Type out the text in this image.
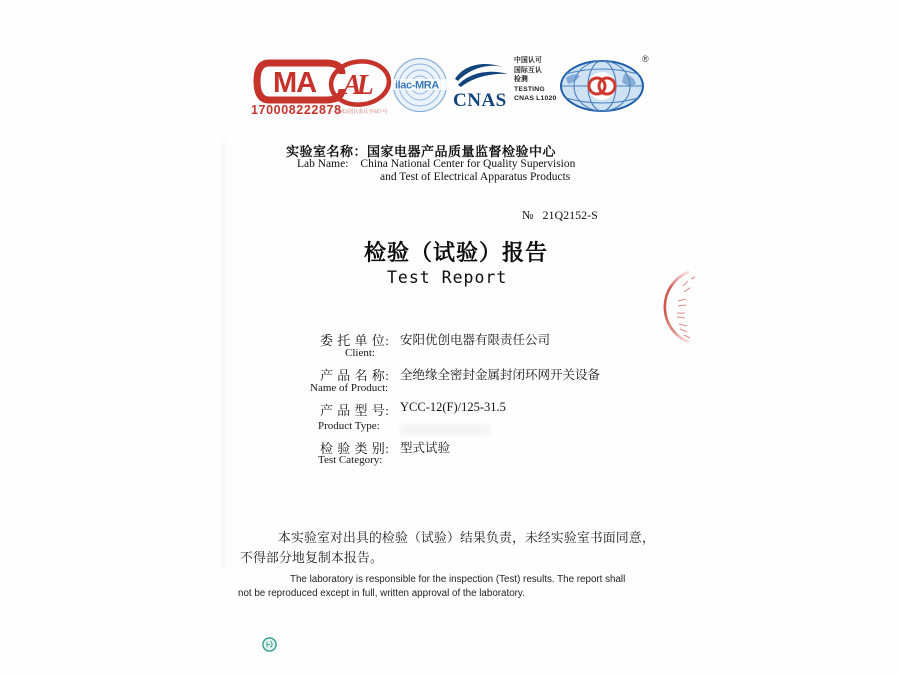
MA
170008222878
(2002)国认监认字047-号
AL	ilac-MRA
CNAS
中国认可
国际互认
检测
TESTING
CNAS L1020
®
实验室名称：国家电器产品质量监督检验中心
Lab Name: China National Center for Quality Supervision
and Test of Electrical Apparatus Products
№ 21Q2152-S
检验（试验）报告
Test Report
委 托 单 位: 安阳优创电器有限责任公司
Client:
产 品 名 称: 全绝缘全密封金属封闭环网开关设备
Name of Product:
产 品 型 号: YCC-12(F)/125-31.5
Product Type:
检 验 类 别: 型式试验
Test Category:
本实验室对出具的检验（试验）结果负责，未经实验室书面同意，
不得部分地复制本报告。
The laboratory is responsible for the inspection (Test) results. The report shall
not be reproduced except in full, written approval of the laboratory.
